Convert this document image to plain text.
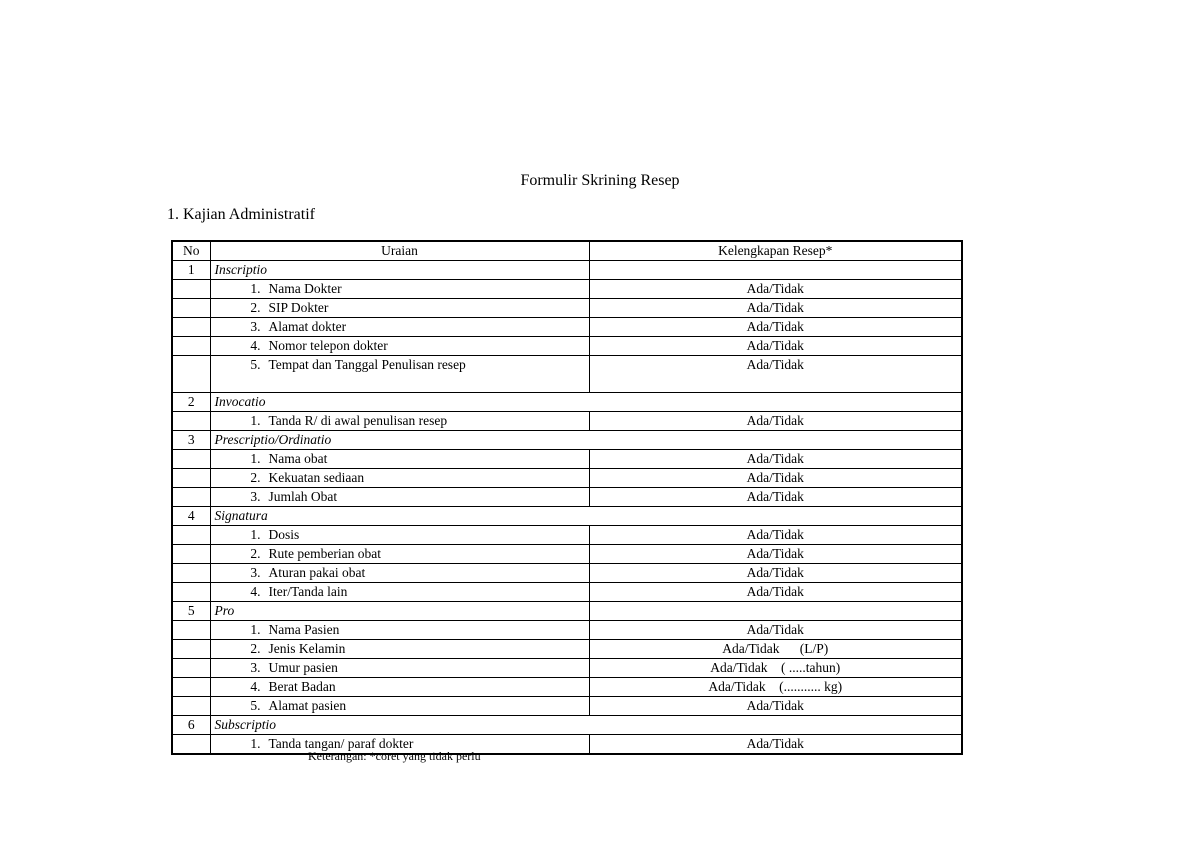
Formulir Skrining Resep
1. Kajian Administratif
No	Uraian	Kelengkapan Resep*
1	Inscriptio	
	1. Nama Dokter	Ada/Tidak
	2. SIP Dokter	Ada/Tidak
	3. Alamat dokter	Ada/Tidak
	4. Nomor telepon dokter	Ada/Tidak
	5. Tempat dan Tanggal Penulisan resep	Ada/Tidak
2	Invocatio	
	1. Tanda R/ di awal penulisan resep	Ada/Tidak
3	Prescriptio/Ordinatio	
	1. Nama obat	Ada/Tidak
	2. Kekuatan sediaan	Ada/Tidak
	3. Jumlah Obat	Ada/Tidak
4	Signatura	
	1. Dosis	Ada/Tidak
	2. Rute pemberian obat	Ada/Tidak
	3. Aturan pakai obat	Ada/Tidak
	4. Iter/Tanda lain	Ada/Tidak
5	Pro	
	1. Nama Pasien	Ada/Tidak
	2. Jenis Kelamin	Ada/Tidak      (L/P)
	3. Umur pasien	Ada/Tidak    ( .....tahun)
	4. Berat Badan	Ada/Tidak    (........... kg)
	5. Alamat pasien	Ada/Tidak
6	Subscriptio	
	1. Tanda tangan/ paraf dokter	Ada/Tidak
Keterangan: *coret yang tidak perlu
